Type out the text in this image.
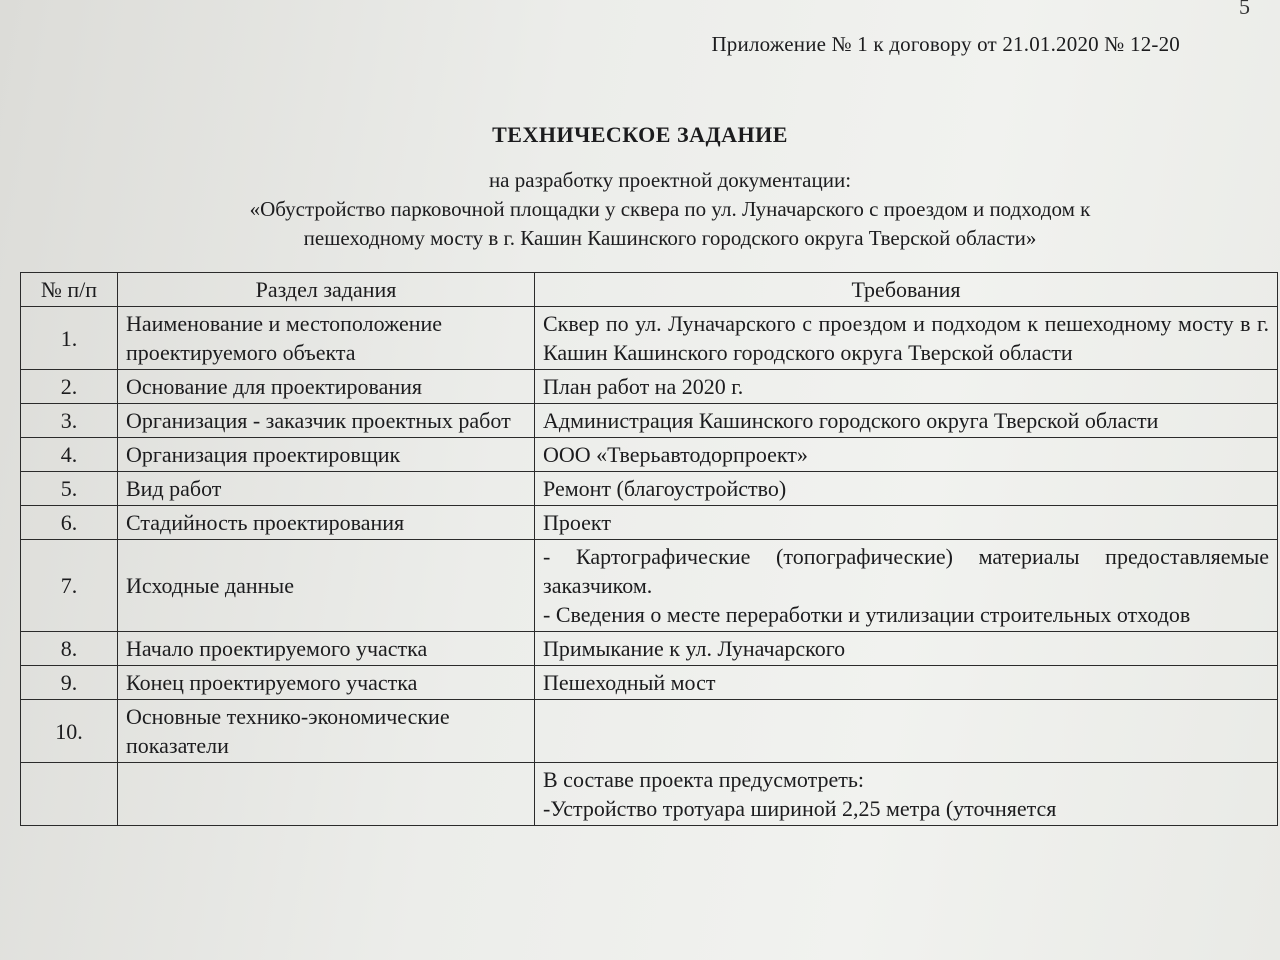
5
Приложение № 1 к договору от 21.01.2020 № 12-20
ТЕХНИЧЕСКОЕ ЗАДАНИЕ
на разработку проектной документации:
«Обустройство парковочной площадки у сквера по ул. Луначарского с проездом и подходом к
пешеходному мосту в г. Кашин Кашинского городского округа Тверской области»
№ п/п	Раздел задания	Требования
1.	Наименование и местоположение проектируемого объекта	Сквер по ул. Луначарского с проездом и подходом к пешеходному мосту в г. Кашин Кашинского городского округа Тверской области
2.	Основание для проектирования	План работ на 2020 г.
3.	Организация - заказчик проектных работ	Администрация Кашинского городского округа Тверской области
4.	Организация проектировщик	ООО «Тверьавтодорпроект»
5.	Вид работ	Ремонт (благоустройство)
6.	Стадийность проектирования	Проект
7.	Исходные данные	- Картографические (топографические) материалы предоставляемые заказчиком.
- Сведения о месте переработки и утилизации строительных отходов

8.	Начало проектируемого участка	Примыкание к ул. Луначарского
9.	Конец проектируемого участка	Пешеходный мост
10.	Основные технико-экономические показатели	

		В составе проекта предусмотреть:
-Устройство тротуара шириной 2,25 метра (уточняется
